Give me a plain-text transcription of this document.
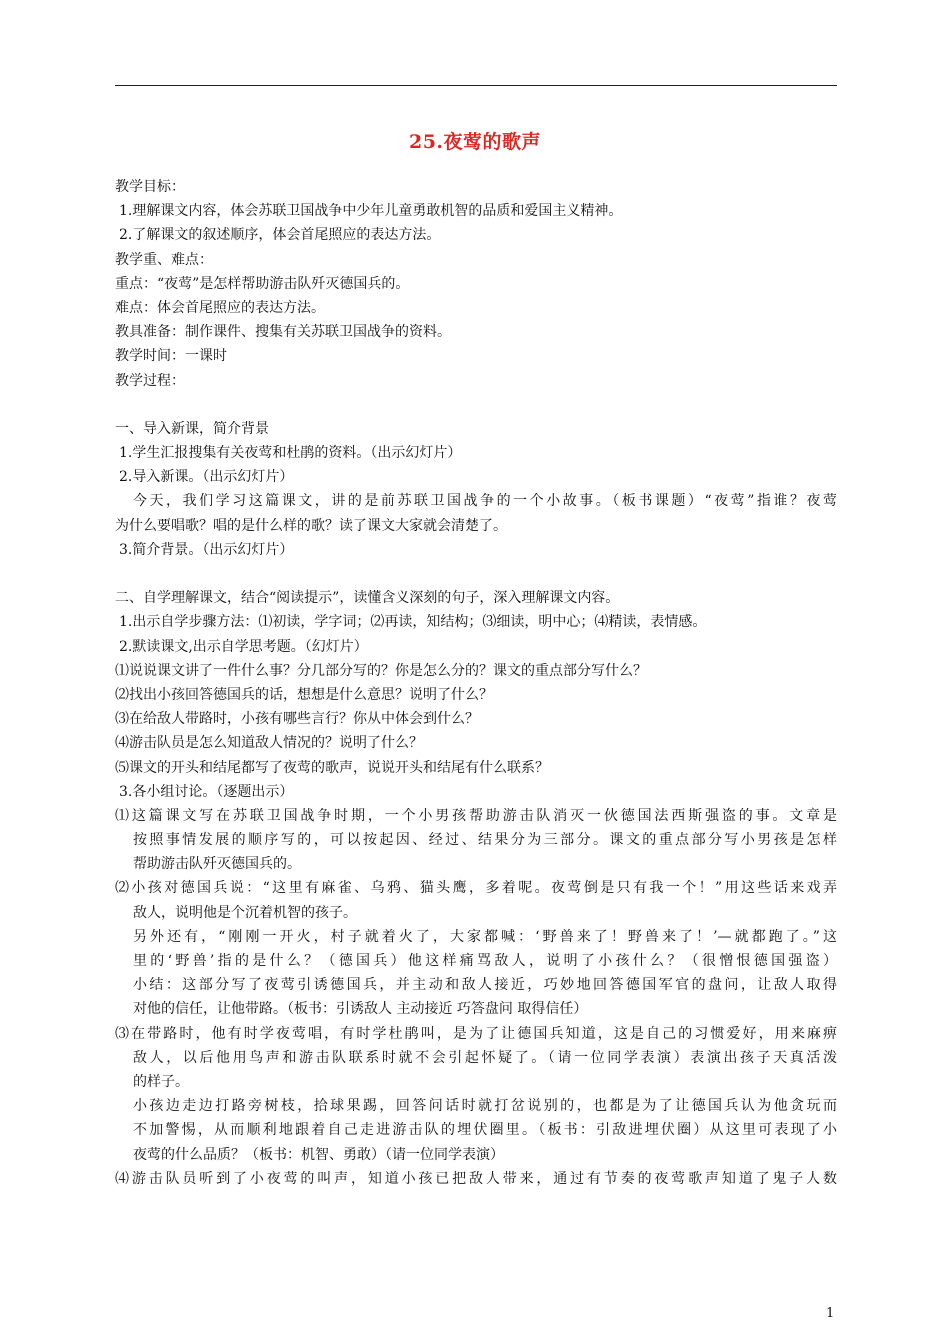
25.夜莺的歌声
教学目标：
1.理解课文内容，体会苏联卫国战争中少年儿童勇敢机智的品质和爱国主义精神。
2.了解课文的叙述顺序，体会首尾照应的表达方法。
教学重、难点：
重点：“夜莺”是怎样帮助游击队歼灭德国兵的。
难点：体会首尾照应的表达方法。
教具准备：制作课件、搜集有关苏联卫国战争的资料。
教学时间：一课时
教学过程：
一、导入新课，简介背景
1.学生汇报搜集有关夜莺和杜鹃的资料。（出示幻灯片）
2.导入新课。（出示幻灯片）
今天，我们学习这篇课文，讲的是前苏联卫国战争的一个小故事。（板书课题）“夜莺”指谁？夜莺
为什么要唱歌？唱的是什么样的歌？读了课文大家就会清楚了。
3.简介背景。（出示幻灯片）
二、自学理解课文，结合“阅读提示”，读懂含义深刻的句子，深入理解课文内容。
1.出示自学步骤方法：⑴初读，学字词；⑵再读，知结构；⑶细读，明中心；⑷精读，表情感。
2.默读课文,出示自学思考题。（幻灯片）
⑴说说课文讲了一件什么事？分几部分写的？你是怎么分的？课文的重点部分写什么？
⑵找出小孩回答德国兵的话，想想是什么意思？说明了什么？
⑶在给敌人带路时，小孩有哪些言行？你从中体会到什么？
⑷游击队员是怎么知道敌人情况的？说明了什么？
⑸课文的开头和结尾都写了夜莺的歌声，说说开头和结尾有什么联系？
3.各小组讨论。（逐题出示）
⑴这篇课文写在苏联卫国战争时期，一个小男孩帮助游击队消灭一伙德国法西斯强盗的事。文章是
按照事情发展的顺序写的，可以按起因、经过、结果分为三部分。课文的重点部分写小男孩是怎样
帮助游击队歼灭德国兵的。
⑵小孩对德国兵说：“这里有麻雀、乌鸦、猫头鹰，多着呢。夜莺倒是只有我一个！”用这些话来戏弄
敌人，说明他是个沉着机智的孩子。
另外还有，“刚刚一开火，村子就着火了，大家都喊：‘野兽来了！野兽来了！’—就都跑了。”这
里的‘野兽’指的是什么？（德国兵）他这样痛骂敌人，说明了小孩什么？（很憎恨德国强盗）
小结：这部分写了夜莺引诱德国兵，并主动和敌人接近，巧妙地回答德国军官的盘问，让敌人取得
对他的信任，让他带路。（板书：引诱敌人 主动接近 巧答盘问 取得信任）
⑶在带路时，他有时学夜莺唱，有时学杜鹃叫，是为了让德国兵知道，这是自己的习惯爱好，用来麻痹
敌人，以后他用鸟声和游击队联系时就不会引起怀疑了。（请一位同学表演）表演出孩子天真活泼
的样子。
小孩边走边打路旁树枝，拾球果踢，回答问话时就打岔说别的，也都是为了让德国兵认为他贪玩而
不加警惕，从而顺利地跟着自己走进游击队的埋伏圈里。（板书：引敌进埋伏圈）从这里可表现了小
夜莺的什么品质？（板书：机智、勇敢）（请一位同学表演）
⑷游击队员听到了小夜莺的叫声，知道小孩已把敌人带来，通过有节奏的夜莺歌声知道了鬼子人数
1
